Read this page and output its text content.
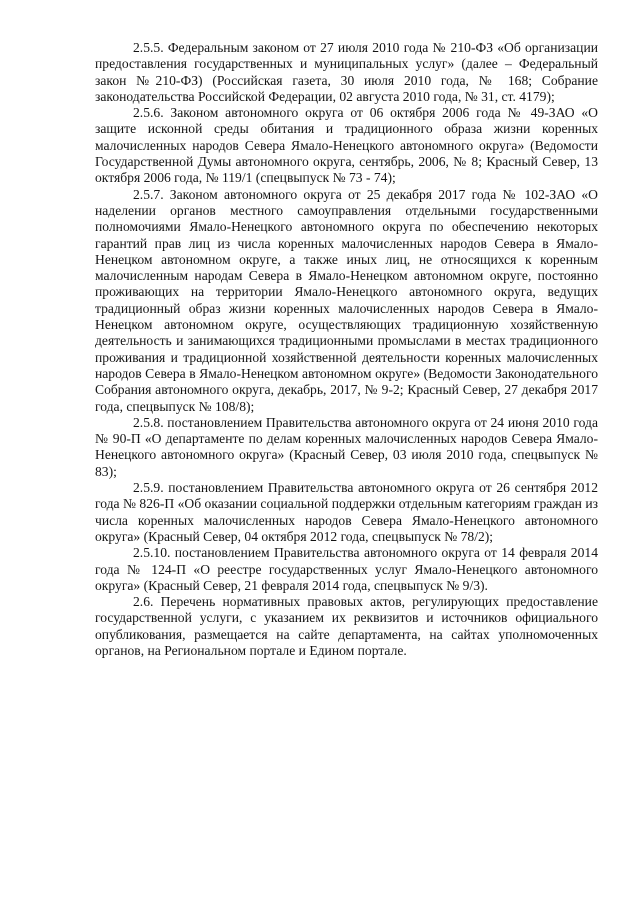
2.5.5. Федеральным законом от 27 июля 2010 года № 210-ФЗ «Об организации предоставления государственных и муниципальных услуг» (далее – Федеральный закон №210-ФЗ) (Российская газета, 30 июля 2010 года, № 168; Собрание законодательства Российской Федерации, 02 августа 2010 года, № 31, ст. 4179);

2.5.6. Законом автономного округа от 06 октября 2006 года № 49-ЗАО «О защите исконной среды обитания и традиционного образа жизни коренных малочисленных народов Севера Ямало-Ненецкого автономного округа» (Ведомости Государственной Думы автономного округа, сентябрь, 2006, № 8; Красный Север, 13 октября 2006 года, № 119/1 (спецвыпуск № 73 - 74);

2.5.7. Законом автономного округа от 25 декабря 2017 года № 102-ЗАО «О наделении органов местного самоуправления отдельными государственными полномочиями Ямало-Ненецкого автономного округа по обеспечению некоторых гарантий прав лиц из числа коренных малочисленных народов Севера в Ямало-Ненецком автономном округе, а также иных лиц, не относящихся к коренным малочисленным народам Севера в Ямало-Ненецком автономном округе, постоянно проживающих на территории Ямало-Ненецкого автономного округа, ведущих традиционный образ жизни коренных малочисленных народов Севера в Ямало-Ненецком автономном округе, осуществляющих традиционную хозяйственную деятельность и занимающихся традиционными промыслами в местах традиционного проживания и традиционной хозяйственной деятельности коренных малочисленных народов Севера в Ямало-Ненецком автономном округе» (Ведомости Законодательного Собрания автономного округа, декабрь, 2017, № 9-2; Красный Север, 27 декабря 2017 года, спецвыпуск № 108/8);

2.5.8. постановлением Правительства автономного округа от 24 июня 2010 года № 90-П «О департаменте по делам коренных малочисленных народов Севера Ямало-Ненецкого автономного округа» (Красный Север, 03 июля 2010 года, спецвыпуск № 83);

2.5.9. постановлением Правительства автономного округа от 26 сентября 2012 года № 826-П «Об оказании социальной поддержки отдельным категориям граждан из числа коренных малочисленных народов Севера Ямало-Ненецкого автономного округа» (Красный Север, 04 октября 2012 года, спецвыпуск № 78/2);

2.5.10. постановлением Правительства автономного округа от 14 февраля 2014 года № 124-П «О реестре государственных услуг Ямало-Ненецкого автономного округа» (Красный Север, 21 февраля 2014 года, спецвыпуск № 9/3).

2.6. Перечень нормативных правовых актов, регулирующих предоставление государственной услуги, с указанием их реквизитов и источников официального опубликования, размещается на сайте департамента, на сайтах уполномоченных органов, на Региональном портале и Едином портале.
